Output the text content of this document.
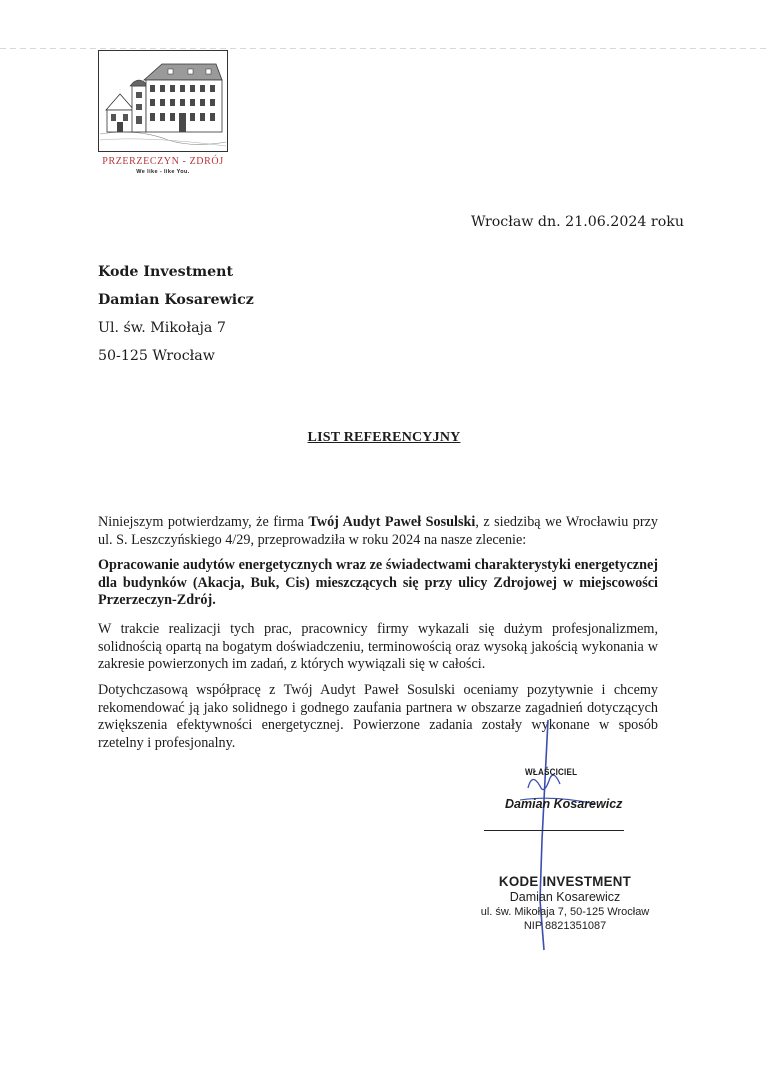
PRZERZECZYN - ZDRÓJ
We like - like You.
Wrocław dn. 21.06.2024 roku
Kode Investment
Damian Kosarewicz
Ul. św. Mikołaja 7
50-125 Wrocław
LIST REFERENCYJNY
Niniejszym potwierdzamy, że firma Twój Audyt Paweł Sosulski, z siedzibą we Wrocławiu przy ul. S. Leszczyńskiego 4/29, przeprowadziła w roku 2024 na nasze zlecenie:
Opracowanie audytów energetycznych wraz ze świadectwami charakterystyki energetycznej dla budynków (Akacja, Buk, Cis) mieszczących się przy ulicy Zdrojowej w miejscowości Przerzeczyn-Zdrój.
W trakcie realizacji tych prac, pracownicy firmy wykazali się dużym profesjonalizmem, solidnością opartą na bogatym doświadczeniu, terminowością oraz wysoką jakością wykonania w zakresie powierzonych im zadań, z których wywiązali się w całości.
Dotychczasową współpracę z Twój Audyt Paweł Sosulski oceniamy pozytywnie i chcemy rekomendować ją jako solidnego i godnego zaufania partnera w obszarze zagadnień dotyczących zwiększenia efektywności energetycznej. Powierzone zadania zostały wykonane w sposób rzetelny i profesjonalny.
WŁAŚCICIEL
Damian Kosarewicz
KODE INVESTMENT
Damian Kosarewicz
ul. św. Mikołaja 7, 50-125 Wrocław
NIP 8821351087
